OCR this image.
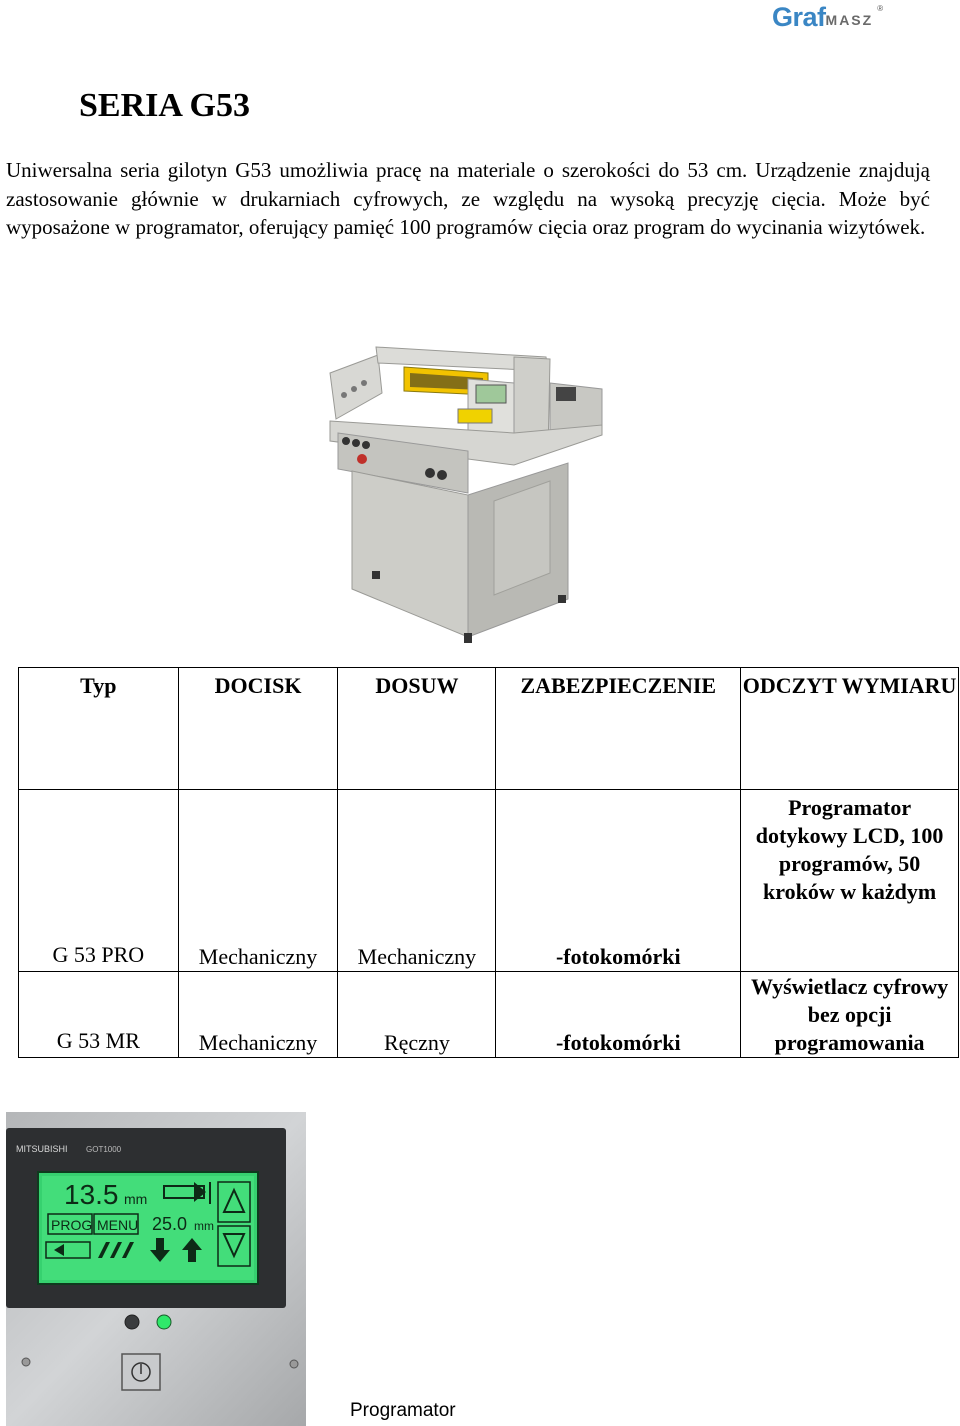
GrafMASZ
®
SERIA G53

Uniwersalna seria gilotyn G53 umożliwia pracę na materiale o szerokości do 53 cm. Urządzenie znajdują zastosowanie głównie w drukarniach cyfrowych, ze względu na wysoką precyzję cięcia. Może być wyposażone w programator, oferujący pamięć 100 programów cięcia oraz program do wycinania wizytówek.

Typ	DOCISK	DOSUW	ZABEZPIECZENIE	ODCZYT WYMIARU
G 53 PRO	Mechaniczny	Mechaniczny	-fotokomórki	Programator dotykowy LCD, 100 programów, 50 kroków w każdym
G 53 MR	Mechaniczny	Ręczny	-fotokomórki	Wyświetlacz cyfrowy bez opcji programowania
MITSUBISHI GOT1000
13.5 mm
PROG MENU 25.0 mm
Programator
